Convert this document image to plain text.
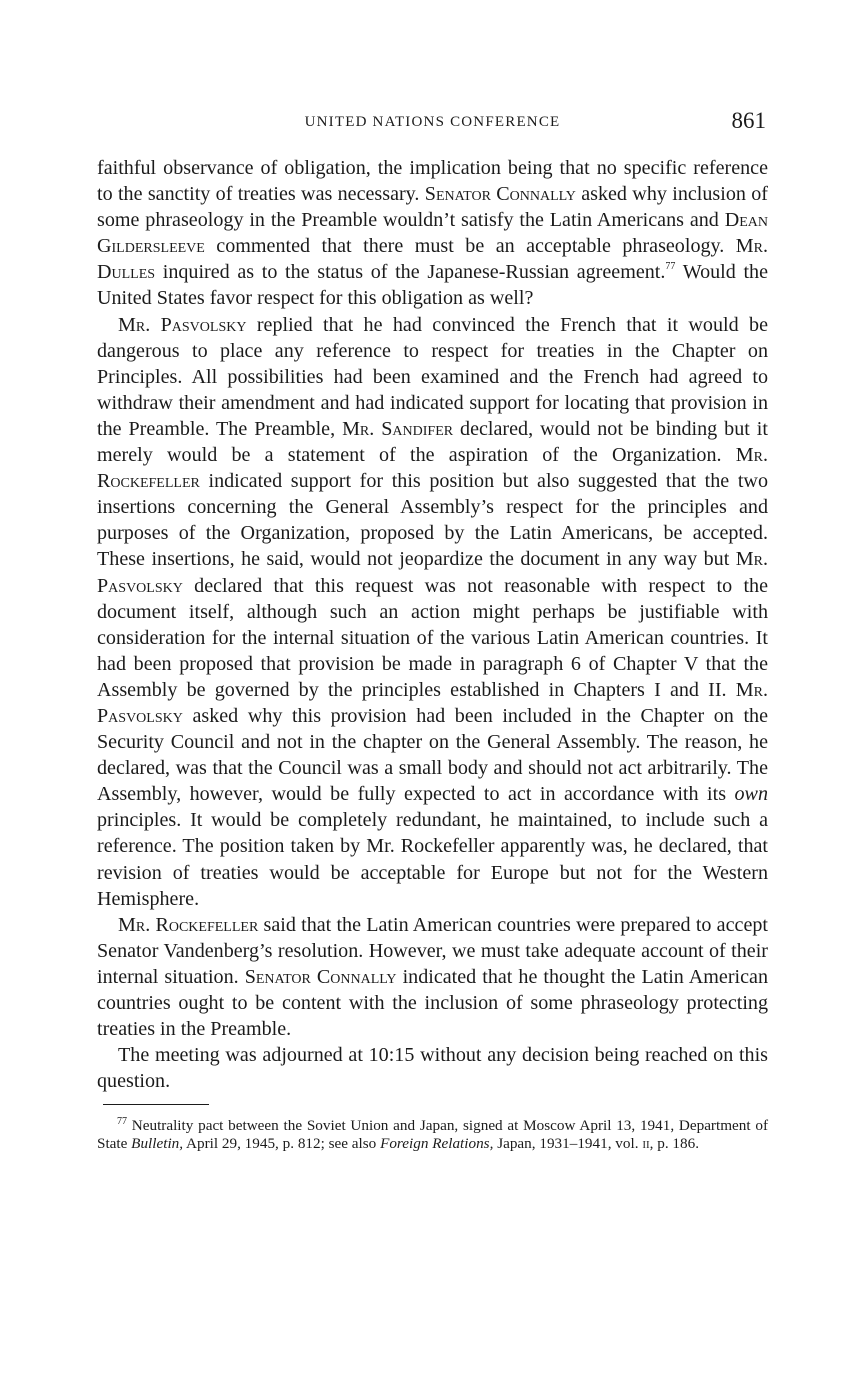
UNITED NATIONS CONFERENCE	861

faithful observance of obligation, the implication being that no specific reference to the sanctity of treaties was necessary. Senator Connally asked why inclusion of some phraseology in the Preamble wouldn’t satisfy the Latin Americans and Dean Gildersleeve commented that there must be an acceptable phraseology. Mr. Dulles inquired as to the status of the Japanese-Russian agreement.$^{77}$ Would the United States favor respect for this obligation as well?

Mr. Pasvolsky replied that he had convinced the French that it would be dangerous to place any reference to respect for treaties in the Chapter on Principles. All possibilities had been examined and the French had agreed to withdraw their amendment and had indicated support for locating that provision in the Preamble. The Preamble, Mr. Sandifer declared, would not be binding but it merely would be a statement of the aspiration of the Organization. Mr. Rockefeller indicated support for this position but also suggested that the two insertions concerning the General Assembly’s respect for the principles and purposes of the Organization, proposed by the Latin Americans, be accepted. These insertions, he said, would not jeopardize the document in any way but Mr. Pasvolsky declared that this request was not reasonable with respect to the document itself, although such an action might perhaps be justifiable with consideration for the internal situation of the various Latin American countries. It had been proposed that provision be made in paragraph 6 of Chapter V that the Assembly be governed by the principles established in Chapters I and II. Mr. Pasvolsky asked why this provision had been included in the Chapter on the Security Council and not in the chapter on the General Assembly. The reason, he declared, was that the Council was a small body and should not act arbitrarily. The Assembly, however, would be fully expected to act in accordance with its own principles. It would be completely redundant, he maintained, to include such a reference. The position taken by Mr. Rockefeller apparently was, he declared, that revision of treaties would be acceptable for Europe but not for the Western Hemisphere.

Mr. Rockefeller said that the Latin American countries were prepared to accept Senator Vandenberg’s resolution. However, we must take adequate account of their internal situation. Senator Connally indicated that he thought the Latin American countries ought to be content with the inclusion of some phraseology protecting treaties in the Preamble.

The meeting was adjourned at 10:15 without any decision being reached on this question.

$^{77}$ Neutrality pact between the Soviet Union and Japan, signed at Moscow April 13, 1941, Department of State Bulletin, April 29, 1945, p. 812; see also Foreign Relations, Japan, 1931–1941, vol. ii, p. 186.
